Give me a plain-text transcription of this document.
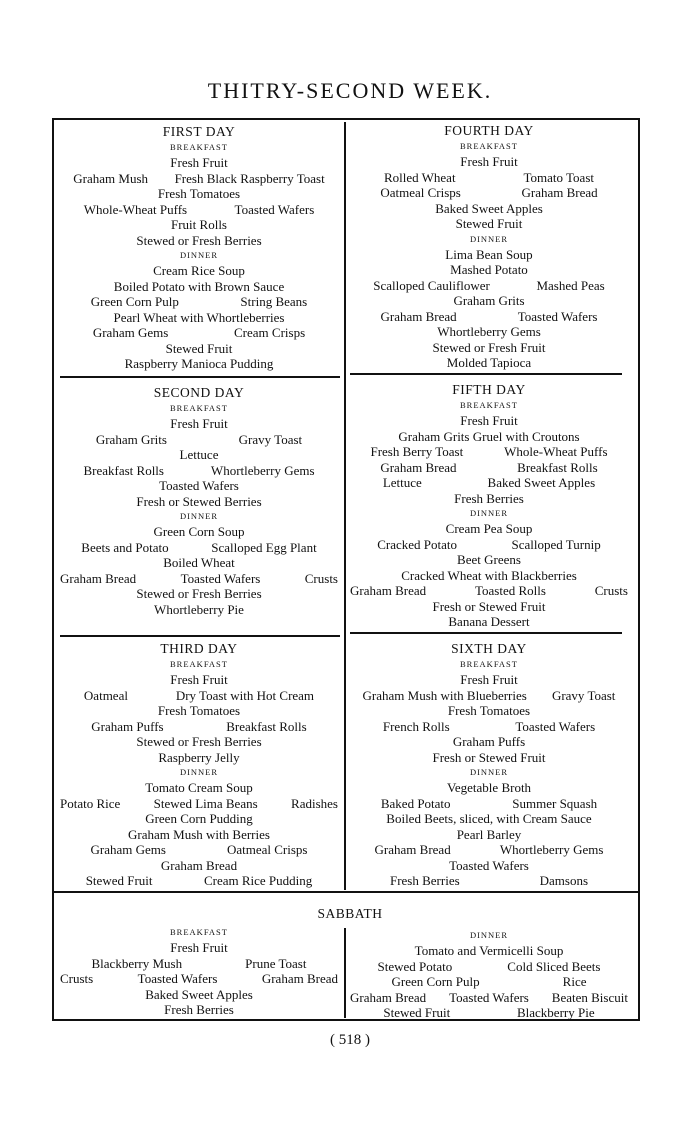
THITRY-SECOND WEEK.
FIRST DAY
BREAKFAST
Fresh Fruit
Graham Mush Fresh Black Raspberry Toast
Fresh Tomatoes
Whole-Wheat Puffs	Toasted Wafers
Fruit Rolls
Stewed or Fresh Berries
DINNER
Cream Rice Soup
Boiled Potato with Brown Sauce
Green Corn Pulp	String Beans
Pearl Wheat with Whortleberries
Graham Gems	Cream Crisps
Stewed Fruit
Raspberry Manioca Pudding
FOURTH DAY
BREAKFAST
Fresh Fruit
Rolled Wheat	Tomato Toast
Oatmeal Crisps	Graham Bread
Baked Sweet Apples
Stewed Fruit
DINNER
Lima Bean Soup
Mashed Potato
Scalloped Cauliflower	Mashed Peas
Graham Grits
Graham Bread	Toasted Wafers
Whortleberry Gems
Stewed or Fresh Fruit
Molded Tapioca
SECOND DAY
BREAKFAST
Fresh Fruit
Graham Grits	Gravy Toast
Lettuce
Breakfast Rolls	Whortleberry Gems
Toasted Wafers
Fresh or Stewed Berries
DINNER
Green Corn Soup
Beets and Potato	Scalloped Egg Plant
Boiled Wheat
Graham Bread	Toasted Wafers	Crusts
Stewed or Fresh Berries
Whortleberry Pie
FIFTH DAY
BREAKFAST
Fresh Fruit
Graham Grits Gruel with Croutons
Fresh Berry Toast	Whole-Wheat Puffs
Graham Bread	Breakfast Rolls
Lettuce	Baked Sweet Apples
Fresh Berries
DINNER
Cream Pea Soup
Cracked Potato	Scalloped Turnip
Beet Greens
Cracked Wheat with Blackberries
Graham Bread	Toasted Rolls	Crusts
Fresh or Stewed Fruit
Banana Dessert
THIRD DAY
BREAKFAST
Fresh Fruit
Oatmeal	Dry Toast with Hot Cream
Fresh Tomatoes
Graham Puffs	Breakfast Rolls
Stewed or Fresh Berries
Raspberry Jelly
DINNER
Tomato Cream Soup
Potato Rice	Stewed Lima Beans	Radishes
Green Corn Pudding
Graham Mush with Berries
Graham Gems	Oatmeal Crisps
Graham Bread
Stewed Fruit	Cream Rice Pudding
SIXTH DAY
BREAKFAST
Fresh Fruit
Graham Mush with Blueberries Gravy Toast
Fresh Tomatoes
French Rolls	Toasted Wafers
Graham Puffs
Fresh or Stewed Fruit
DINNER
Vegetable Broth
Baked Potato	Summer Squash
Boiled Beets, sliced, with Cream Sauce
Pearl Barley
Graham Bread	Whortleberry Gems
Toasted Wafers
Fresh Berries	Damsons
SABBATH
BREAKFAST
Fresh Fruit
Blackberry Mush	Prune Toast
Crusts	Toasted Wafers	Graham Bread
Baked Sweet Apples
Fresh Berries
DINNER
Tomato and Vermicelli Soup
Stewed Potato	Cold Sliced Beets
Green Corn Pulp	Rice
Graham Bread Toasted Wafers Beaten Biscuit
Stewed Fruit	Blackberry Pie
( 518 )
